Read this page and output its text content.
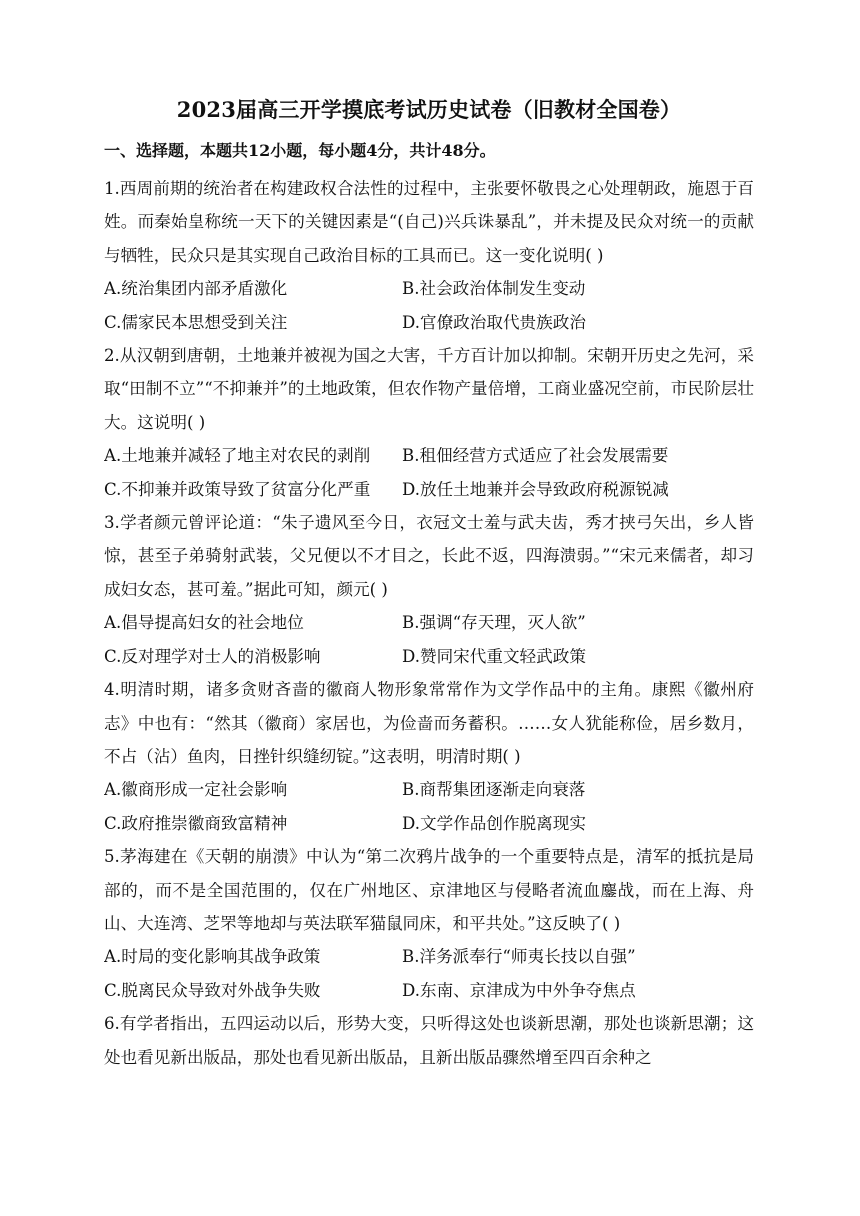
2023届高三开学摸底考试历史试卷（旧教材全国卷）
一、选择题，本题共12小题，每小题4分，共计48分。

1.西周前期的统治者在构建政权合法性的过程中，主张要怀敬畏之心处理朝政，施恩于百姓。而秦始皇称统一天下的关键因素是“(自己)兴兵诛暴乱”，并未提及民众对统一的贡献与牺牲，民众只是其实现自己政治目标的工具而已。这一变化说明( )

A.统治集团内部矛盾激化	B.社会政治体制发生变动
C.儒家民本思想受到关注	D.官僚政治取代贵族政治

2.从汉朝到唐朝，土地兼并被视为国之大害，千方百计加以抑制。宋朝开历史之先河，采取“田制不立”“不抑兼并”的土地政策，但农作物产量倍增，工商业盛况空前，市民阶层壮大。这说明( )

A.土地兼并减轻了地主对农民的剥削	B.租佃经营方式适应了社会发展需要
C.不抑兼并政策导致了贫富分化严重	D.放任土地兼并会导致政府税源锐减

3.学者颜元曾评论道：“朱子遗风至今日，衣冠文士羞与武夫齿，秀才挟弓矢出，乡人皆惊，甚至子弟骑射武装，父兄便以不才目之，长此不返，四海溃弱。”“宋元来儒者，却习成妇女态，甚可羞。”据此可知，颜元( )

A.倡导提高妇女的社会地位	B.强调“存天理，灭人欲”
C.反对理学对士人的消极影响	D.赞同宋代重文轻武政策

4.明清时期，诸多贪财吝啬的徽商人物形象常常作为文学作品中的主角。康熙《徽州府志》中也有：“然其（徽商）家居也，为俭啬而务蓄积。……女人犹能称俭，居乡数月，不占（沾）鱼肉，日挫针织缝纫锭。”这表明，明清时期( )

A.徽商形成一定社会影响	B.商帮集团逐渐走向衰落
C.政府推崇徽商致富精神	D.文学作品创作脱离现实

5.茅海建在《天朝的崩溃》中认为“第二次鸦片战争的一个重要特点是，清军的抵抗是局部的，而不是全国范围的，仅在广州地区、京津地区与侵略者流血鏖战，而在上海、舟山、大连湾、芝罘等地却与英法联军猫鼠同床，和平共处。”这反映了( )

A.时局的变化影响其战争政策	B.洋务派奉行“师夷长技以自强”
C.脱离民众导致对外战争失败	D.东南、京津成为中外争夺焦点

6.有学者指出，五四运动以后，形势大变，只听得这处也谈新思潮，那处也谈新思潮；这处也看见新出版品，那处也看见新出版品，且新出版品骤然增至四百余种之
